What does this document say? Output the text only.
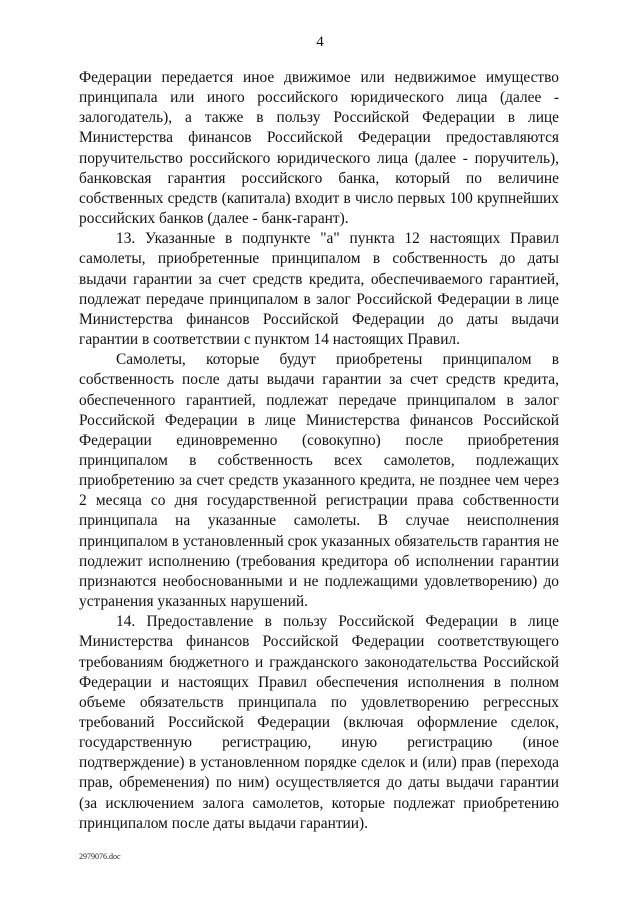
4

Федерации передается иное движимое или недвижимое имущество принципала или иного российского юридического лица (далее - залогодатель), а также в пользу Российской Федерации в лице Министерства финансов Российской Федерации предоставляются поручительство российского юридического лица (далее - поручитель), банковская гарантия российского банка, который по величине собственных средств (капитала) входит в число первых 100 крупнейших российских банков (далее - банк-гарант).

13. Указанные в подпункте "а" пункта 12 настоящих Правил самолеты, приобретенные принципалом в собственность до даты выдачи гарантии за счет средств кредита, обеспечиваемого гарантией, подлежат передаче принципалом в залог Российской Федерации в лице Министерства финансов Российской Федерации до даты выдачи гарантии в соответствии с пунктом 14 настоящих Правил.

Самолеты, которые будут приобретены принципалом в собственность после даты выдачи гарантии за счет средств кредита, обеспеченного гарантией, подлежат передаче принципалом в залог Российской Федерации в лице Министерства финансов Российской Федерации единовременно (совокупно) после приобретения принципалом в собственность всех самолетов, подлежащих приобретению за счет средств указанного кредита, не позднее чем через 2 месяца со дня государственной регистрации права собственности принципала на указанные самолеты. В случае неисполнения принципалом в установленный срок указанных обязательств гарантия не подлежит исполнению (требования кредитора об исполнении гарантии признаются необоснованными и не подлежащими удовлетворению) до устранения указанных нарушений.

14. Предоставление в пользу Российской Федерации в лице Министерства финансов Российской Федерации соответствующего требованиям бюджетного и гражданского законодательства Российской Федерации и настоящих Правил обеспечения исполнения в полном объеме обязательств принципала по удовлетворению регрессных требований Российской Федерации (включая оформление сделок, государственную регистрацию, иную регистрацию (иное подтверждение) в установленном порядке сделок и (или) прав (перехода прав, обременения) по ним) осуществляется до даты выдачи гарантии (за исключением залога самолетов, которые подлежат приобретению принципалом после даты выдачи гарантии).

2979076.doc
